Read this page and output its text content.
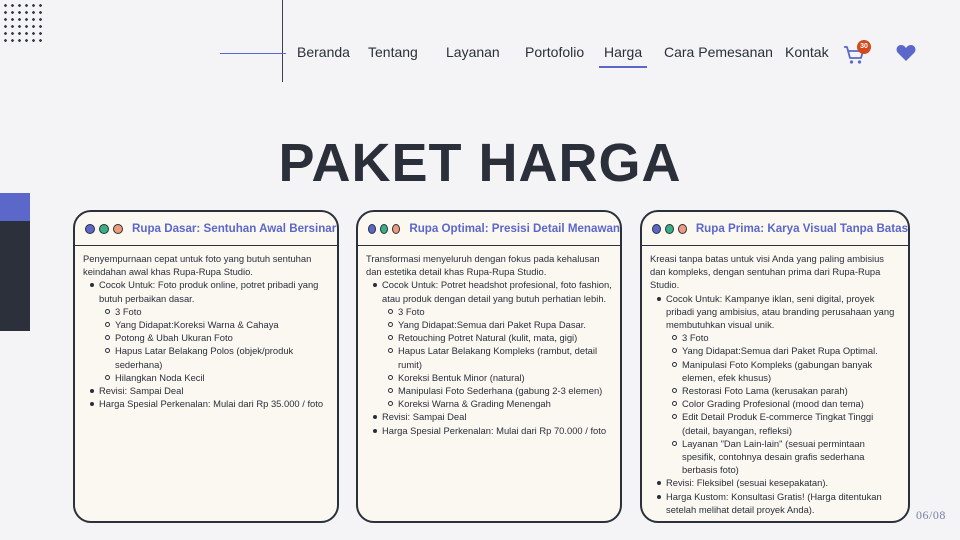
Beranda Tentang Layanan Portofolio Harga Cara Pemesanan Kontak	30
PAKET HARGA
Rupa Dasar: Sentuhan Awal Bersinar

Penyempurnaan cepat untuk foto yang butuh sentuhan keindahan awal khas Rupa-Rupa Studio.

Cocok Untuk: Foto produk online, potret pribadi yang butuh perbaikan dasar.
3 Foto
Yang Didapat:Koreksi Warna & Cahaya
Potong & Ubah Ukuran Foto
Hapus Latar Belakang Polos (objek/produk sederhana)
Hilangkan Noda Kecil
Revisi: Sampai Deal
Harga Spesial Perkenalan: Mulai dari Rp 35.000 / foto
Rupa Optimal: Presisi Detail Menawan

Transformasi menyeluruh dengan fokus pada kehalusan dan estetika detail khas Rupa-Rupa Studio.

Cocok Untuk: Potret headshot profesional, foto fashion, atau produk dengan detail yang butuh perhatian lebih.
3 Foto
Yang Didapat:Semua dari Paket Rupa Dasar.
Retouching Potret Natural (kulit, mata, gigi)
Hapus Latar Belakang Kompleks (rambut, detail rumit)
Koreksi Bentuk Minor (natural)
Manipulasi Foto Sederhana (gabung 2-3 elemen)
Koreksi Warna & Grading Menengah
Revisi: Sampai Deal
Harga Spesial Perkenalan: Mulai dari Rp 70.000 / foto
Rupa Prima: Karya Visual Tanpa Batas

Kreasi tanpa batas untuk visi Anda yang paling ambisius dan kompleks, dengan sentuhan prima dari Rupa-Rupa Studio.

Cocok Untuk: Kampanye iklan, seni digital, proyek pribadi yang ambisius, atau branding perusahaan yang membutuhkan visual unik.
3 Foto
Yang Didapat:Semua dari Paket Rupa Optimal.
Manipulasi Foto Kompleks (gabungan banyak elemen, efek khusus)
Restorasi Foto Lama (kerusakan parah)
Color Grading Profesional (mood dan tema)
Edit Detail Produk E-commerce Tingkat Tinggi (detail, bayangan, refleksi)
Layanan "Dan Lain-lain" (sesuai permintaan spesifik, contohnya desain grafis sederhana berbasis foto)
Revisi: Fleksibel (sesuai kesepakatan).
Harga Kustom: Konsultasi Gratis! (Harga ditentukan setelah melihat detail proyek Anda).	06/08
